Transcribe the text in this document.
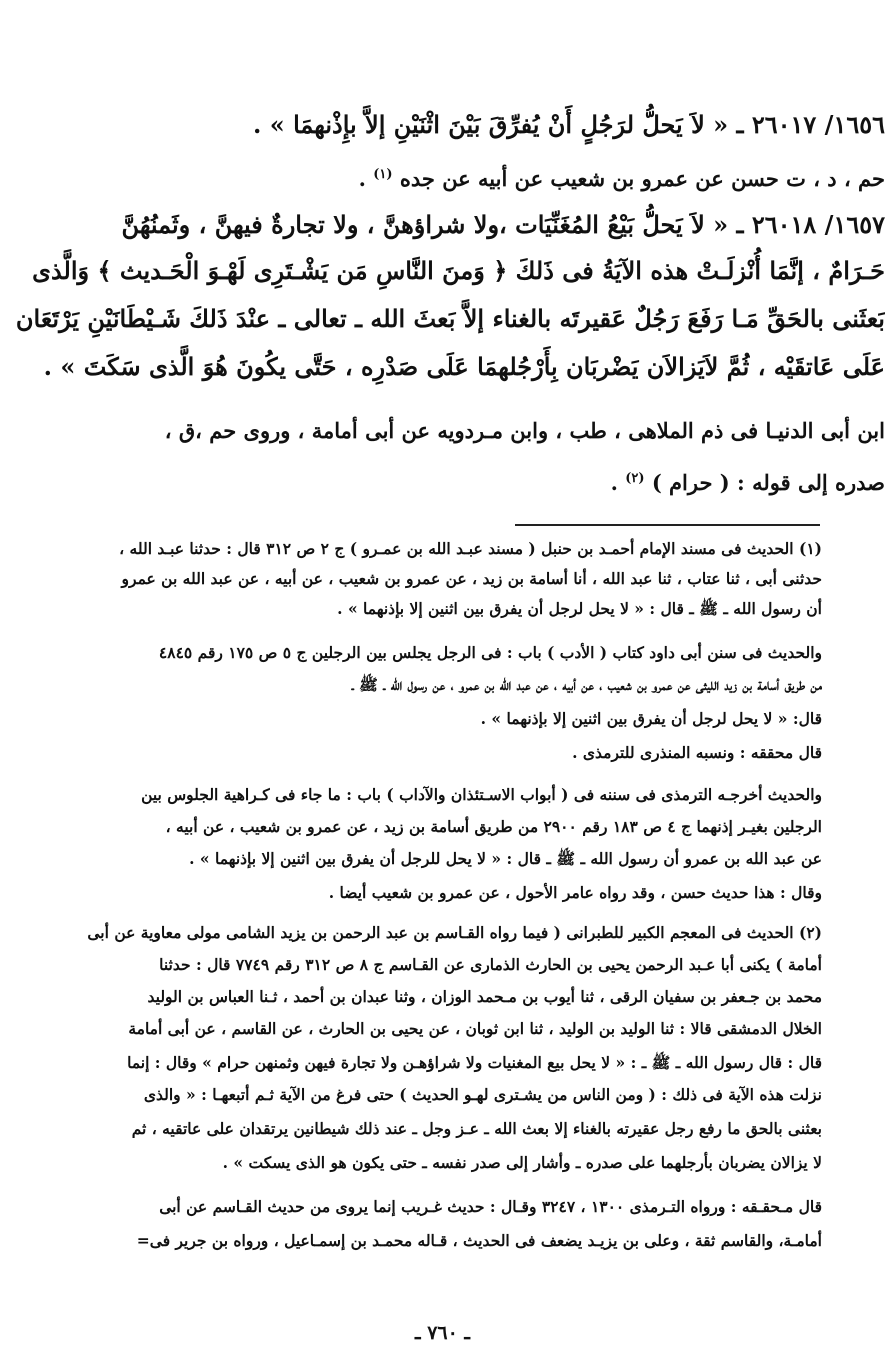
١٦٥٦/ ٢٦٠١٧ ـ « لاَ يَحلُّ لرَجُلٍ أَنْ يُفرِّقَ بَيْنَ اثْنَيْنِ إلاَّ بإِذْنهمَا » .
حم ، د ، ت حسن عن عمرو بن شعيب عن أبيه عن جده $^{(١)}$ .
١٦٥٧/ ٢٦٠١٨ ـ « لاَ يَحلُّ بَيْعُ المُغَنِّيَات ،ولا شراؤهنَّ ، ولا تجارةٌ فيهنَّ ، وثَمنُهُنَّ
حَـرَامٌ ، إنَّمَا أُنْزلَـتْ هذه الآيَةُ فى ذَلكَ ﴿ وَمنَ النَّاسِ مَن يَشْـتَرِى لَهْـوَ الْحَـديث ﴾ وَالَّذى
بَعثَنى بالحَقِّ مَـا رَفَعَ رَجُلٌ عَقيرتَه بالغناء إلاَّ بَعثَ الله ـ تعالى ـ عنْدَ ذَلكَ شَـيْطَانَيْنِ يَرْتَعَان
عَلَى عَاتقَيْه ، ثُمَّ لاَيَزالاَن يَضْربَان بِأَرْجُلهمَا عَلَى صَدْرِه ، حَتَّى يكُونَ هُوَ الَّذى سَكَتَ » .
ابن أبى الدنيـا فى ذم الملاهى ، طب ، وابن مـردويه عن أبى أمامة ، وروى حم ،ق ،
صدره إلى قوله : ( حرام ) $^{(٢)}$ .
(١) الحديث فى مسند الإمام أحمـد بن حنبل ( مسند عبـد الله بن عمـرو ) ج ٢ ص ٣١٢ قال : حدثنا عبـد الله ،
حدثنى أبى ، ثنا عتاب ، ثنا عبد الله ، أنا أسامة بن زيد ، عن عمرو بن شعيب ، عن أبيه ، عن عبد الله بن عمرو
أن رسول الله ـ ﷺ ـ قال : « لا يحل لرجل أن يفرق بين اثنين إلا بإذنهما » .
والحديث فى سنن أبى داود كتاب ( الأدب ) باب : فى الرجل يجلس بين الرجلين ج ٥ ص ١٧٥ رقم ٤٨٤٥
من طريق أسامة بن زيد الليثى عن عمرو بن شعيب ، عن أبيه ، عن عبد الله بن عمرو ، عن رسول الله ـ ﷺ ـ
قال: « لا يحل لرجل أن يفرق بين اثنين إلا بإذنهما » .
قال محققه : ونسبه المنذرى للترمذى .
والحديث أخرجـه الترمذى فى سننه فى ( أبواب الاسـتئذان والآداب ) باب : ما جاء فى كـراهية الجلوس بين
الرجلين بغيـر إذنهما ج ٤ ص ١٨٣ رقم ٢٩٠٠ من طريق أسامة بن زيد ، عن عمرو بن شعيب ، عن أبيه ،
عن عبد الله بن عمرو أن رسول الله ـ ﷺ ـ قال : « لا يحل للرجل أن يفرق بين اثنين إلا بإذنهما » .
وقال : هذا حديث حسن ، وقد رواه عامر الأحول ، عن عمرو بن شعيب أيضا .
(٢) الحديث فى المعجم الكبير للطبرانى ( فيما رواه القـاسم بن عبد الرحمن بن يزيد الشامى مولى معاوية عن أبى
أمامة ) يكنى أبا عـبد الرحمن يحيى بن الحارث الذمارى عن القـاسم ج ٨ ص ٣١٢ رقم ٧٧٤٩ قال : حدثنا
محمد بن جـعفر بن سفيان الرقى ، ثنا أيوب بن مـحمد الوزان ، وثنا عبدان بن أحمد ، ثـنا العباس بن الوليد
الخلال الدمشقى قالا : ثنا الوليد بن الوليد ، ثنا ابن ثوبان ، عن يحيى بن الحارث ، عن القاسم ، عن أبى أمامة
قال : قال رسول الله ـ ﷺ ـ : « لا يحل بيع المغنيات ولا شراؤهـن ولا تجارة فيهن وثمنهن حرام » وقال : إنما
نزلت هذه الآية فى ذلك : ( ومن الناس من يشـترى لهـو الحديث ) حتى فرغ من الآية ثـم أتبعهـا : « والذى
بعثنى بالحق ما رفع رجل عقيرته بالغناء إلا بعث الله ـ عـز وجل ـ عند ذلك شيطانين يرتقدان على عاتقيه ، ثم
لا يزالان يضربان بأرجلهما على صدره ـ وأشار إلى صدر نفسه ـ حتى يكون هو الذى يسكت » .
قال مـحقـقه : ورواه التـرمذى ١٣٠٠ ، ٣٢٤٧ وقـال : حديث غـريب إنما يروى من حديث القـاسم عن أبى
أمامـة، والقاسم ثقة ، وعلى بن يزيـد يضعف فى الحديث ، قـاله محمـد بن إسمـاعيل ، ورواه بن جرير فى=
ـ ٧٦٠ ـ
